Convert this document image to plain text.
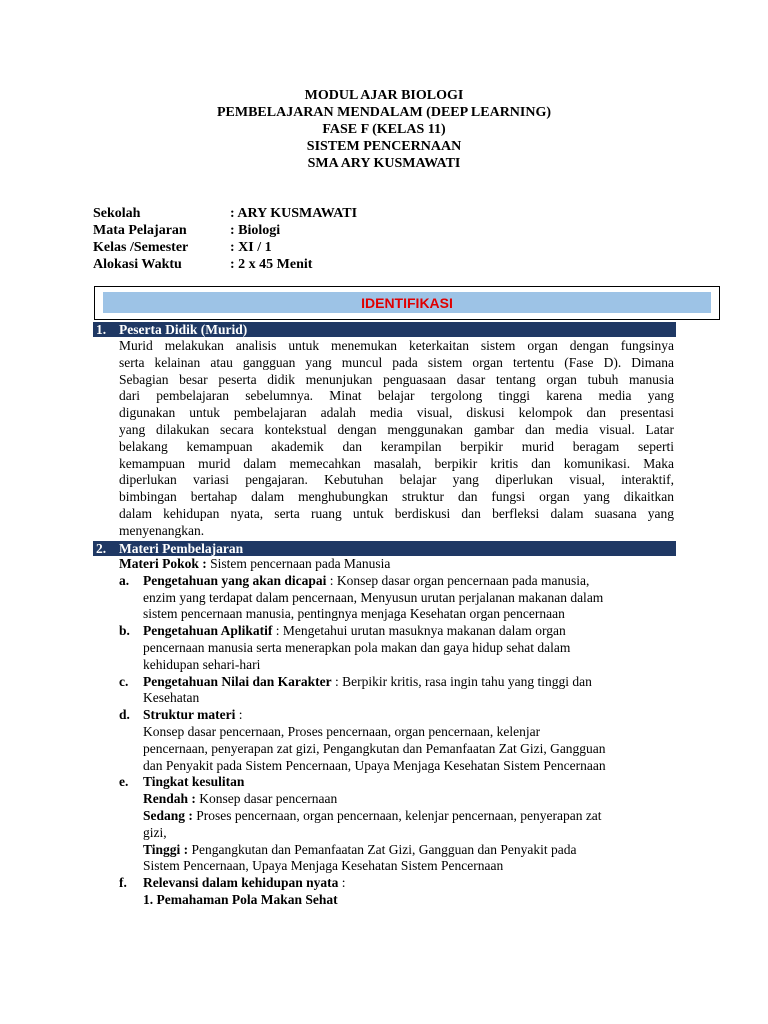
MODUL AJAR BIOLOGI
PEMBELAJARAN MENDALAM (DEEP LEARNING)
FASE F (KELAS 11)
SISTEM PENCERNAAN
SMA ARY KUSMAWATI
Sekolah	: ARY KUSMAWATI
Mata Pelajaran	: Biologi
Kelas /Semester	: XI / 1
Alokasi Waktu	: 2 x 45 Menit
IDENTIFIKASI
1. Peserta Didik (Murid)
Murid melakukan analisis untuk menemukan keterkaitan sistem organ dengan fungsinya
serta kelainan atau gangguan yang muncul pada sistem organ tertentu (Fase D). Dimana
Sebagian besar peserta didik menunjukan penguasaan dasar tentang organ tubuh manusia
dari pembelajaran sebelumnya. Minat belajar tergolong tinggi karena media yang
digunakan untuk pembelajaran adalah media visual, diskusi kelompok dan presentasi
yang dilakukan secara kontekstual dengan menggunakan gambar dan media visual. Latar
belakang kemampuan akademik dan kerampilan berpikir murid beragam seperti
kemampuan murid dalam memecahkan masalah, berpikir kritis dan komunikasi. Maka
diperlukan variasi pengajaran. Kebutuhan belajar yang diperlukan visual, interaktif,
bimbingan bertahap dalam menghubungkan struktur dan fungsi organ yang dikaitkan
dalam kehidupan nyata, serta ruang untuk berdiskusi dan berfleksi dalam suasana yang
menyenangkan.
2. Materi Pembelajaran
Materi Pokok : Sistem pencernaan pada Manusia
a. Pengetahuan yang akan dicapai : Konsep dasar organ pencernaan pada manusia,
enzim yang terdapat dalam pencernaan, Menyusun urutan perjalanan makanan dalam
sistem pencernaan manusia, pentingnya menjaga Kesehatan organ pencernaan
b. Pengetahuan Aplikatif : Mengetahui urutan masuknya makanan dalam organ
pencernaan manusia serta menerapkan pola makan dan gaya hidup sehat dalam
kehidupan sehari-hari
c. Pengetahuan Nilai dan Karakter : Berpikir kritis, rasa ingin tahu yang tinggi dan
Kesehatan
d. Struktur materi :
Konsep dasar pencernaan, Proses pencernaan, organ pencernaan, kelenjar
pencernaan, penyerapan zat gizi, Pengangkutan dan Pemanfaatan Zat Gizi, Gangguan
dan Penyakit pada Sistem Pencernaan, Upaya Menjaga Kesehatan Sistem Pencernaan
e. Tingkat kesulitan
Rendah : Konsep dasar pencernaan
Sedang : Proses pencernaan, organ pencernaan, kelenjar pencernaan, penyerapan zat
gizi,
Tinggi : Pengangkutan dan Pemanfaatan Zat Gizi, Gangguan dan Penyakit pada
Sistem Pencernaan, Upaya Menjaga Kesehatan Sistem Pencernaan
f. Relevansi dalam kehidupan nyata :
1. Pemahaman Pola Makan Sehat
